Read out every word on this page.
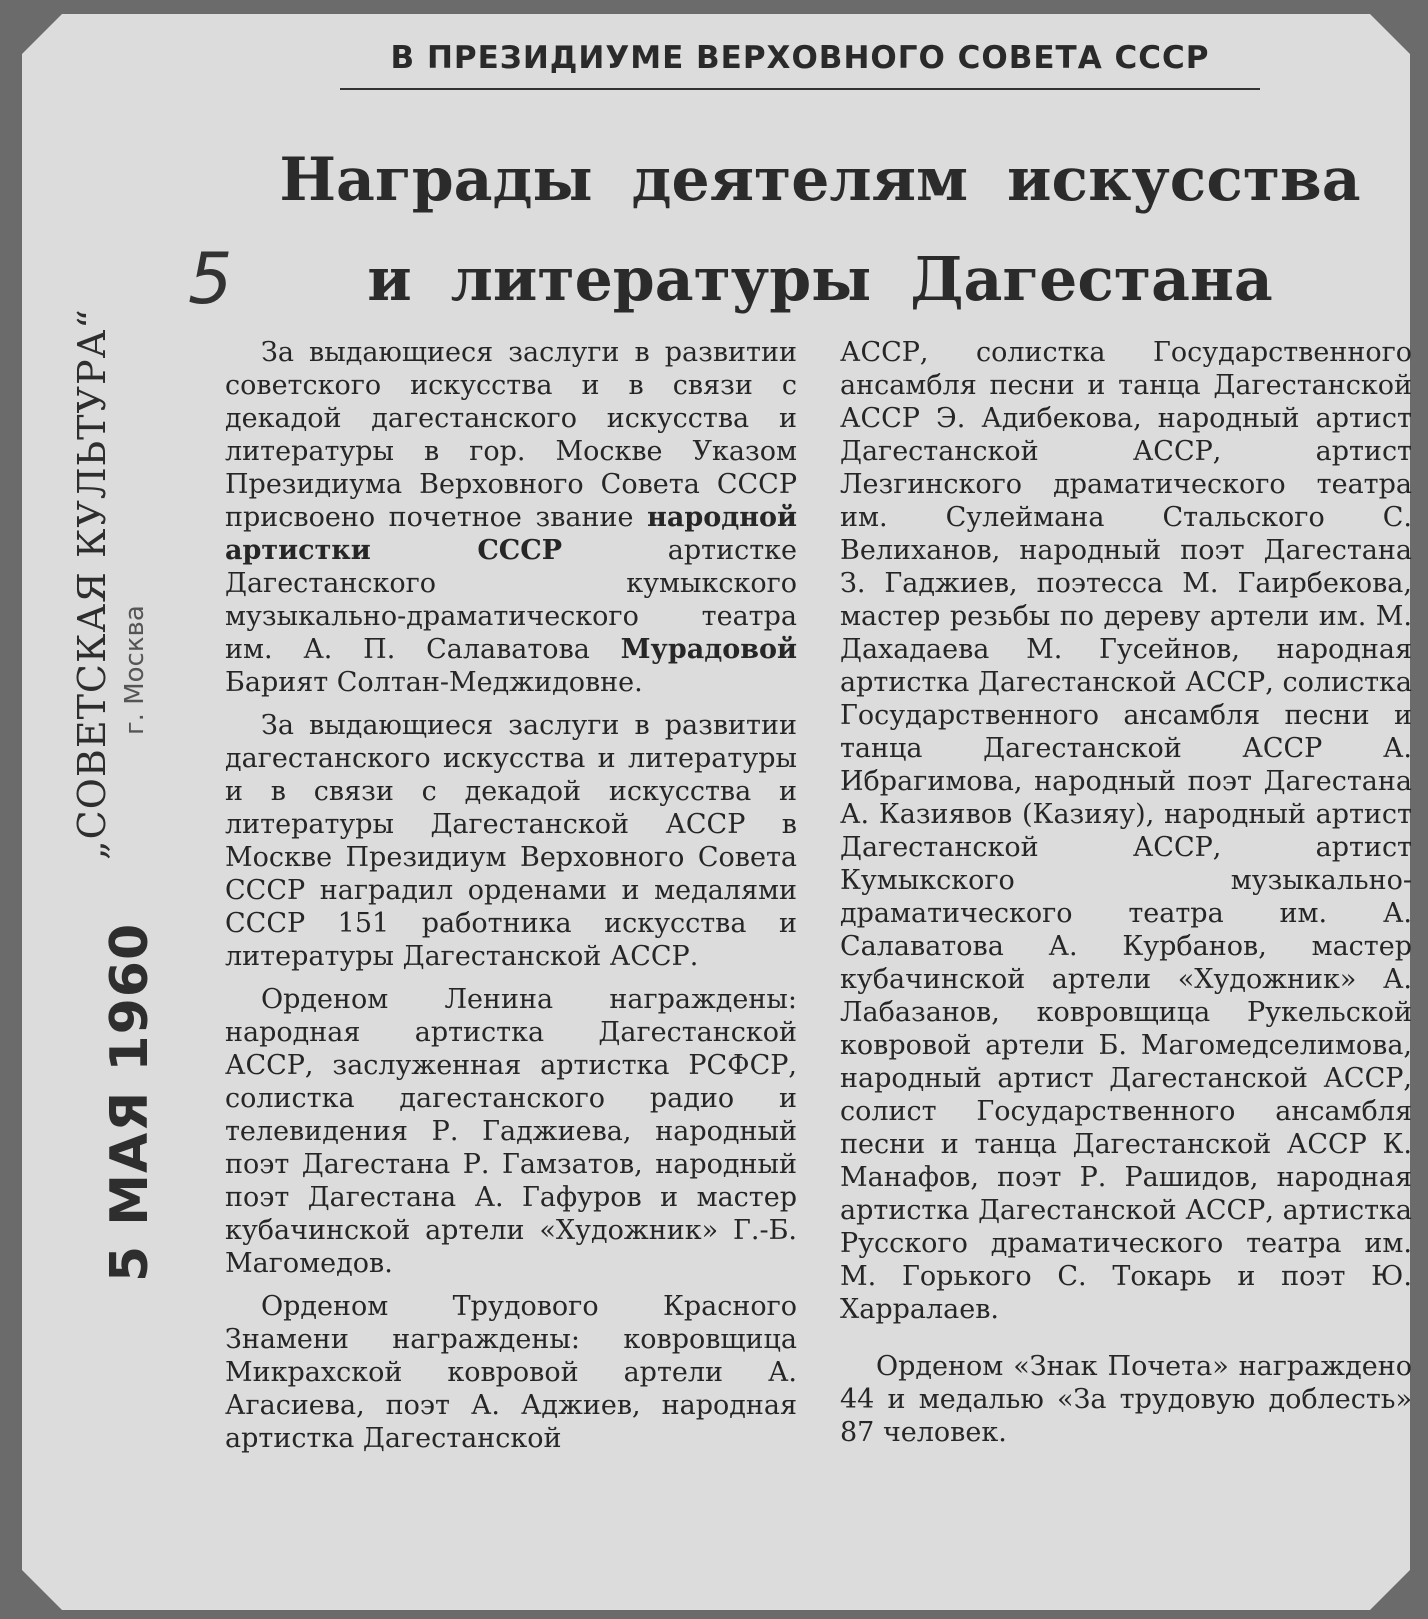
В ПРЕЗИДИУМЕ ВЕРХОВНОГО СОВЕТА СССР
Награды деятелям искусства
и литературы Дагестана
5
„СОВЕТСКАЯ КУЛЬТУРА“ г. Москва
5 МАЯ 1960

За выдающиеся заслуги в развитии советского искусства и в связи с декадой дагестанского искусства и литературы в гор. Москве Указом Президиума Верховного Совета СССР присвоено почетное звание народной артистки СССР артистке Дагестанского кумыкского музыкально-драматического театра им. А. П. Салаватова Мурадовой Барият Солтан-Меджидовне.

За выдающиеся заслуги в развитии дагестанского искусства и литературы и в связи с декадой искусства и литературы Дагестанской АССР в Москве Президиум Верховного Совета СССР наградил орденами и медалями СССР 151 работника искусства и литературы Дагестанской АССР.

Орденом Ленина награждены: народная артистка Дагестанской АССР, заслуженная артистка РСФСР, солистка дагестанского радио и телевидения Р. Гаджиева, народный поэт Дагестана Р. Гамзатов, народный поэт Дагестана А. Гафуров и мастер кубачинской артели «Художник» Г.-Б. Магомедов.

Орденом Трудового Красного Знамени награждены: ковровщица Микрахской ковровой артели А. Агасиева, поэт А. Аджиев, народная артистка Дагестанской

АССР, солистка Государственного ансамбля песни и танца Дагестанской АССР Э. Адибекова, народный артист Дагестанской АССР, артист Лезгинского драматического театра им. Сулеймана Стальского С. Велиханов, народный поэт Дагестана З. Гаджиев, поэтесса М. Гаирбекова, мастер резьбы по дереву артели им. М. Дахадаева М. Гусейнов, народная артистка Дагестанской АССР, солистка Государственного ансамбля песни и танца Дагестанской АССР А. Ибрагимова, народный поэт Дагестана А. Казиявов (Казияу), народный артист Дагестанской АССР, артист Кумыкского музыкально-драматического театра им. А. Салаватова А. Курбанов, мастер кубачинской артели «Художник» А. Лабазанов, ковровщица Рукельской ковровой артели Б. Магомедселимова, народный артист Дагестанской АССР, солист Государственного ансамбля песни и танца Дагестанской АССР К. Манафов, поэт Р. Рашидов, народная артистка Дагестанской АССР, артистка Русского драматического театра им. М. Горького С. Токарь и поэт Ю. Харралаев.

Орденом «Знак Почета» награждено 44 и медалью «За трудовую доблесть» 87 человек.
